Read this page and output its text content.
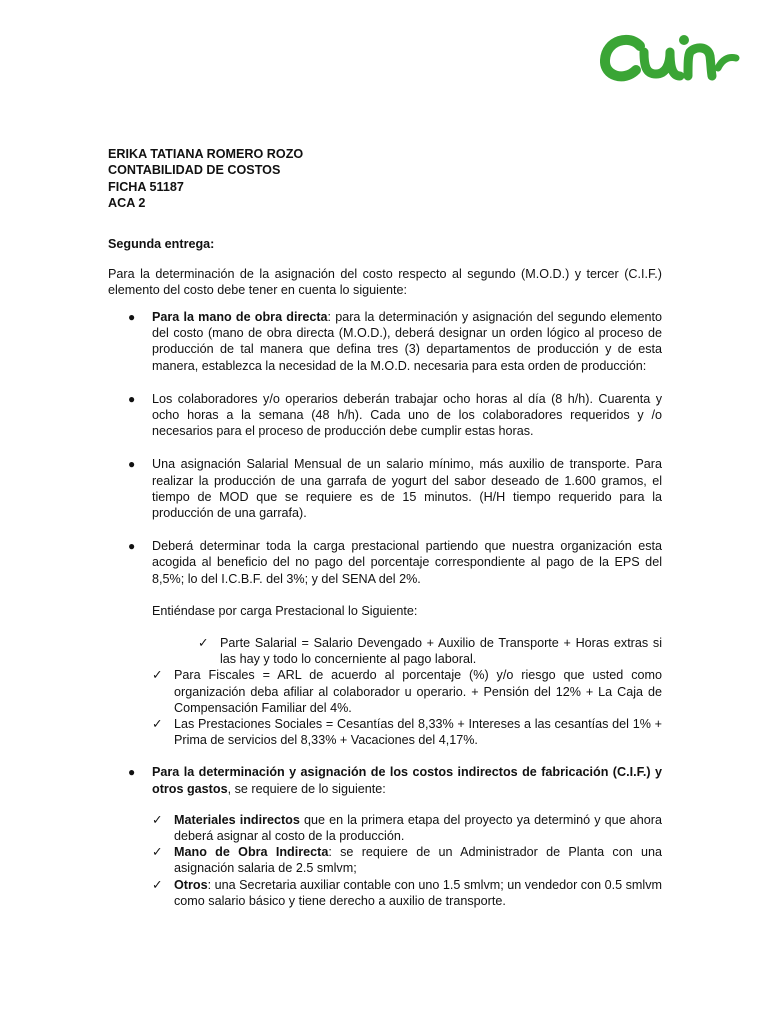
ERIKA TATIANA ROMERO ROZO
CONTABILIDAD DE COSTOS
FICHA 51187
ACA 2
Segunda entrega:
Para la determinación de la asignación del costo respecto al segundo (M.O.D.) y tercer (C.I.F.) elemento del costo debe tener en cuenta lo siguiente:
● Para la mano de obra directa: para la determinación y asignación del segundo elemento del costo (mano de obra directa (M.O.D.), deberá designar un orden lógico al proceso de producción de tal manera que defina tres (3) departamentos de producción y de esta manera, establezca la necesidad de la M.O.D. necesaria para esta orden de producción:
● Los colaboradores y/o operarios deberán trabajar ocho horas al día (8 h/h). Cuarenta y ocho horas a la semana (48 h/h). Cada uno de los colaboradores requeridos y /o necesarios para el proceso de producción debe cumplir estas horas.
● Una asignación Salarial Mensual de un salario mínimo, más auxilio de transporte. Para realizar la producción de una garrafa de yogurt del sabor deseado de 1.600 gramos, el tiempo de MOD que se requiere es de 15 minutos. (H/H tiempo requerido para la producción de una garrafa).
● Deberá determinar toda la carga prestacional partiendo que nuestra organización esta acogida al beneficio del no pago del porcentaje correspondiente al pago de la EPS del 8,5%; lo del I.C.B.F. del 3%; y del SENA del 2%.
Entiéndase por carga Prestacional lo Siguiente:
✓ Parte Salarial = Salario Devengado + Auxilio de Transporte + Horas extras si las hay y todo lo concerniente al pago laboral.
✓ Para Fiscales = ARL de acuerdo al porcentaje (%) y/o riesgo que usted como organización deba afiliar al colaborador u operario. + Pensión del 12% + La Caja de Compensación Familiar del 4%.
✓ Las Prestaciones Sociales = Cesantías del 8,33% + Intereses a las cesantías del 1% + Prima de servicios del 8,33% + Vacaciones del 4,17%.
● Para la determinación y asignación de los costos indirectos de fabricación (C.I.F.) y otros gastos, se requiere de lo siguiente:
✓ Materiales indirectos que en la primera etapa del proyecto ya determinó y que ahora deberá asignar al costo de la producción.
✓ Mano de Obra Indirecta: se requiere de un Administrador de Planta con una asignación salaria de 2.5 smlvm;
✓ Otros: una Secretaria auxiliar contable con uno 1.5 smlvm; un vendedor con 0.5 smlvm como salario básico y tiene derecho a auxilio de transporte.
